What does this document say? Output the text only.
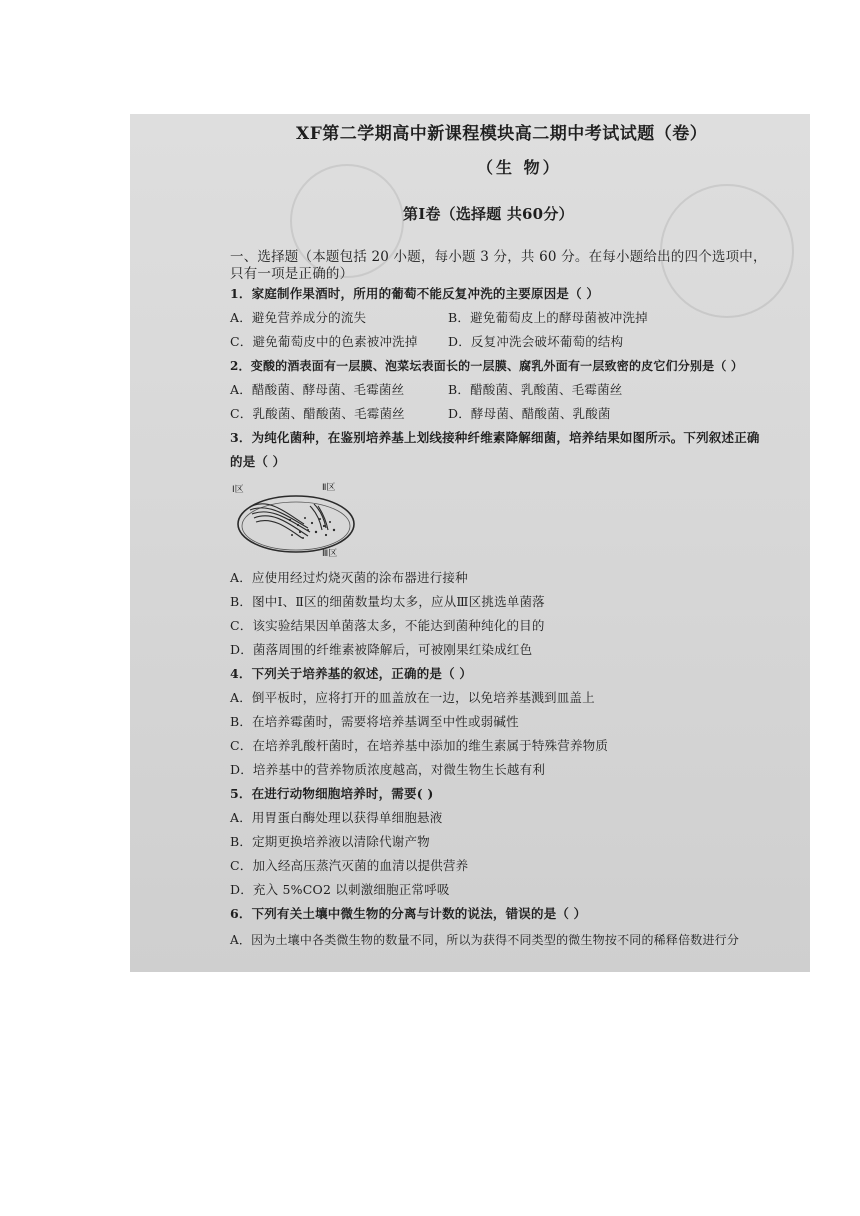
XF第二学期高中新课程模块高二期中考试试题（卷）
（生 物）
第I卷（选择题 共60分）
一、选择题（本题包括 20 小题，每小题 3 分，共 60 分。在每小题给出的四个选项中，
只有一项是正确的）
1．家庭制作果酒时，所用的葡萄不能反复冲洗的主要原因是（ ）
A．避免营养成分的流失	B．避免葡萄皮上的酵母菌被冲洗掉
C．避免葡萄皮中的色素被冲洗掉 D．反复冲洗会破坏葡萄的结构
2．变酸的酒表面有一层膜、泡菜坛表面长的一层膜、腐乳外面有一层致密的皮它们分别是（ ）
A．醋酸菌、酵母菌、毛霉菌丝	B．醋酸菌、乳酸菌、毛霉菌丝
C．乳酸菌、醋酸菌、毛霉菌丝	D．酵母菌、醋酸菌、乳酸菌
3．为纯化菌种，在鉴别培养基上划线接种纤维素降解细菌，培养结果如图所示。下列叙述正确
的是（ ）
Ⅰ区	Ⅱ区
Ⅲ区
A．应使用经过灼烧灭菌的涂布器进行接种
B．图中Ⅰ、Ⅱ区的细菌数量均太多，应从Ⅲ区挑选单菌落
C．该实验结果因单菌落太多，不能达到菌种纯化的目的
D．菌落周围的纤维素被降解后，可被刚果红染成红色
4．下列关于培养基的叙述，正确的是（ ）
A．倒平板时，应将打开的皿盖放在一边，以免培养基溅到皿盖上
B．在培养霉菌时，需要将培养基调至中性或弱碱性
C．在培养乳酸杆菌时，在培养基中添加的维生素属于特殊营养物质
D．培养基中的营养物质浓度越高，对微生物生长越有利
5．在进行动物细胞培养时，需要( )
A．用胃蛋白酶处理以获得单细胞悬液
B．定期更换培养液以清除代谢产物
C．加入经高压蒸汽灭菌的血清以提供营养
D．充入 5%CO2 以刺激细胞正常呼吸
6．下列有关土壤中微生物的分离与计数的说法，错误的是（ ）
A．因为土壤中各类微生物的数量不同，所以为获得不同类型的微生物按不同的稀释倍数进行分
